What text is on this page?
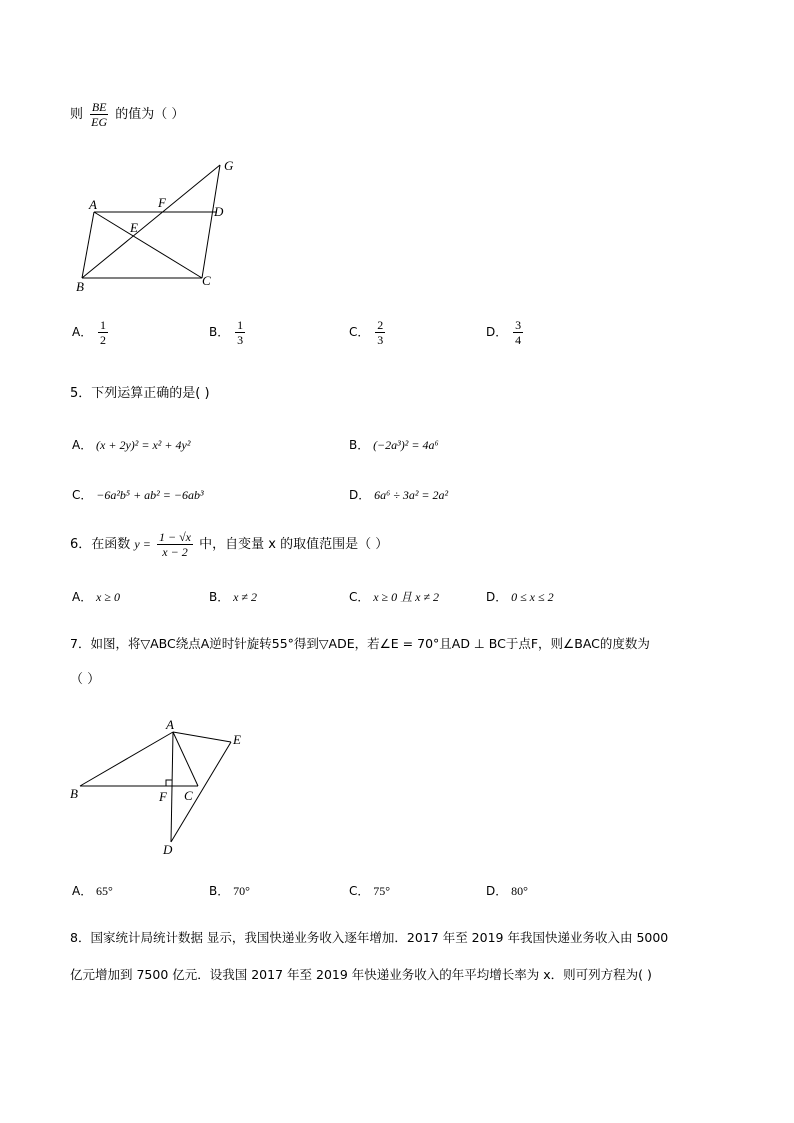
则 $\frac{BE}{EG}$ 的值为（ ）
A	F
D
E
G
B	C
A． $\frac{1}{2}$	B． $\frac{1}{3}$	C． $\frac{2}{3}$	D． $\frac{3}{4}$
5．下列运算正确的是( )
A． (x + 2y)² = x² + 4y²	B． (−2a³)² = 4a⁶
C． −6a²b⁵ + ab² = −6ab³	D． 6a⁶ ÷ 3a² = 2a²
6．在函数 $y = \frac{1 - √x}{x - 2}$ 中，自变量 x 的取值范围是（ ）
A． x ≥ 0	B． x ≠ 2	C． x ≥ 0 且 x ≠ 2	D． 0 ≤ x ≤ 2
7．如图，将▽ABC绕点A逆时针旋转55°得到▽ADE，若∠E = 70°且AD ⊥ BC于点F，则∠BAC的度数为
（ ）
A
E
B	F C
D
A． 65°	B． 70°	C． 75°	D． 80°
8．国家统计局统计数据 显示，我国快递业务收入逐年增加．2017 年至 2019 年我国快递业务收入由 5000
亿元增加到 7500 亿元．设我国 2017 年至 2019 年快递业务收入的年平均增长率为 x．则可列方程为( )
